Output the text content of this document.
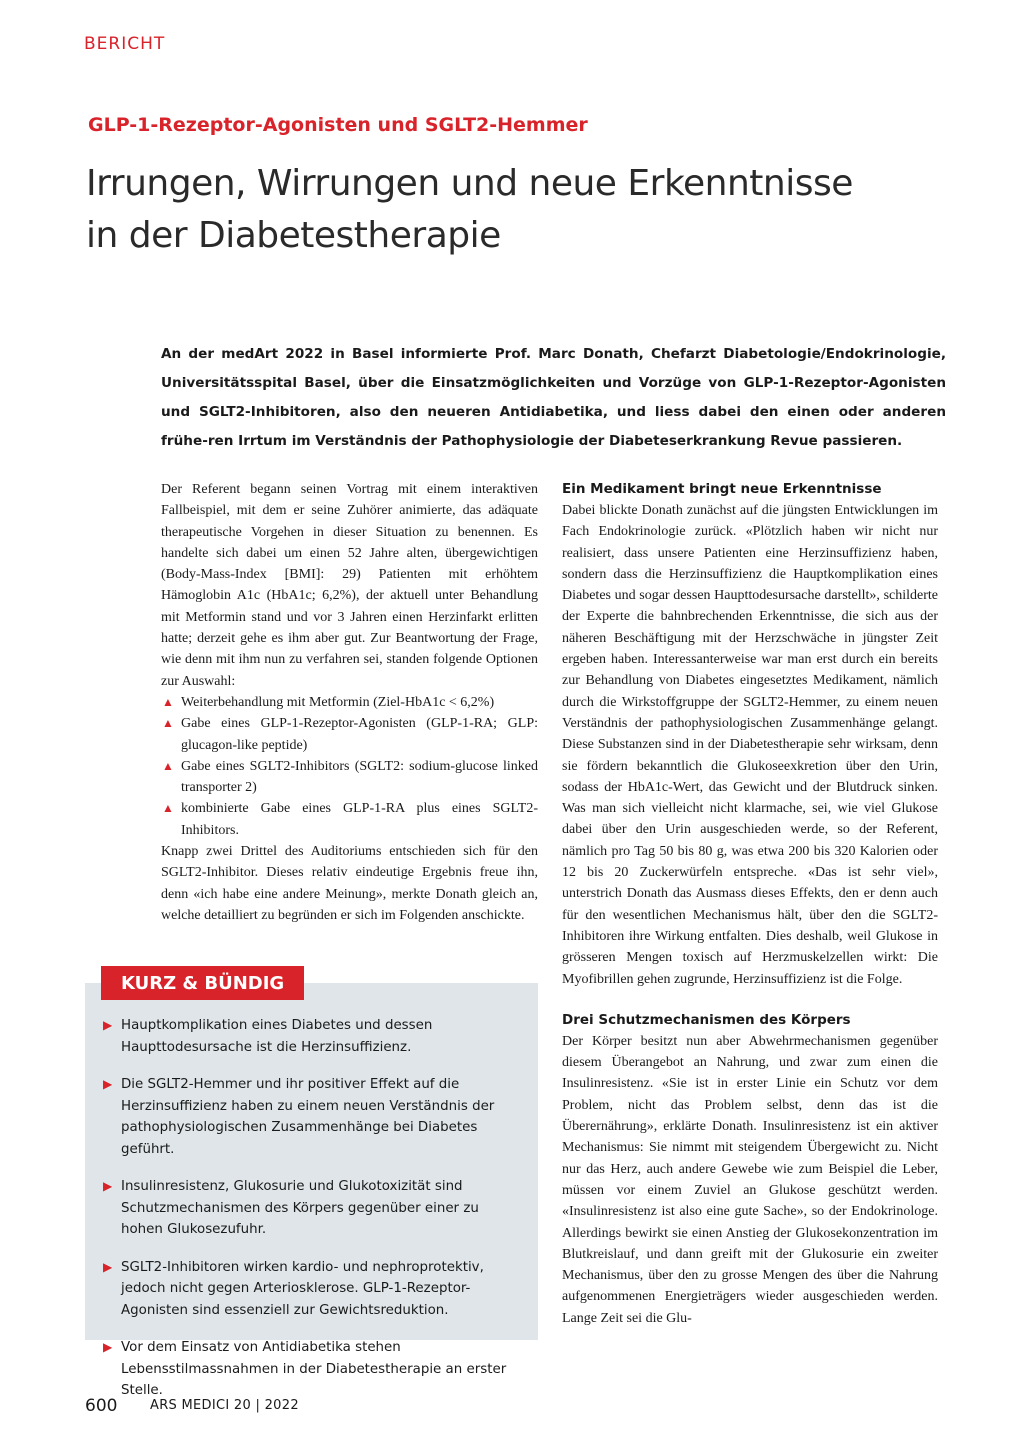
BERICHT
GLP-1-Rezeptor-Agonisten und SGLT2-Hemmer
Irrungen, Wirrungen und neue Erkenntnisse
in der Diabetestherapie
An der medArt 2022 in Basel informierte Prof. Marc Donath, Chefarzt Diabetologie/Endokrinologie, Universitätsspital Basel, über die Einsatzmöglichkeiten und Vorzüge von GLP-1-Rezeptor-Agonisten und SGLT2-Inhibitoren, also den neueren Antidiabetika, und liess dabei den einen oder anderen frühe-ren Irrtum im Verständnis der Pathophysiologie der Diabeteserkrankung Revue passieren.

Der Referent begann seinen Vortrag mit einem interaktiven Fallbeispiel, mit dem er seine Zuhörer animierte, das adäquate therapeutische Vorgehen in dieser Situation zu benennen. Es handelte sich dabei um einen 52 Jahre alten, übergewichtigen (Body-Mass-Index [BMI]: 29) Patienten mit erhöhtem Hämoglobin A1c (HbA1c; 6,2%), der aktuell unter Behandlung mit Metformin stand und vor 3 Jahren einen Herzinfarkt erlitten hatte; derzeit gehe es ihm aber gut. Zur Beantwortung der Frage, wie denn mit ihm nun zu verfahren sei, standen folgende Optionen zur Auswahl:

▲ Weiterbehandlung mit Metformin (Ziel-HbA1c < 6,2%)
▲ Gabe eines GLP-1-Rezeptor-Agonisten (GLP-1-RA; GLP: glucagon-like peptide)
▲ Gabe eines SGLT2-Inhibitors (SGLT2: sodium-glucose linked transporter 2)
▲ kombinierte Gabe eines GLP-1-RA plus eines SGLT2-Inhibitors.

Knapp zwei Drittel des Auditoriums entschieden sich für den SGLT2-Inhibitor. Dieses relativ eindeutige Ergebnis freue ihn, denn «ich habe eine andere Meinung», merkte Donath gleich an, welche detailliert zu begründen er sich im Folgenden anschickte.

Ein Medikament bringt neue Erkenntnisse

Dabei blickte Donath zunächst auf die jüngsten Entwicklungen im Fach Endokrinologie zurück. «Plötzlich haben wir nicht nur realisiert, dass unsere Patienten eine Herzinsuffizienz haben, sondern dass die Herzinsuffizienz die Hauptkomplikation eines Diabetes und sogar dessen Haupttodesursache darstellt», schilderte der Experte die bahnbrechenden Erkenntnisse, die sich aus der näheren Beschäftigung mit der Herzschwäche in jüngster Zeit ergeben haben. Interessanterweise war man erst durch ein bereits zur Behandlung von Diabetes eingesetztes Medikament, nämlich durch die Wirkstoffgruppe der SGLT2-Hemmer, zu einem neuen Verständnis der pathophysiologischen Zusammenhänge gelangt. Diese Substanzen sind in der Diabetestherapie sehr wirksam, denn sie fördern bekanntlich die Glukoseexkretion über den Urin, sodass der HbA1c-Wert, das Gewicht und der Blutdruck sinken. Was man sich vielleicht nicht klarmache, sei, wie viel Glukose dabei über den Urin ausgeschieden werde, so der Referent, nämlich pro Tag 50 bis 80 g, was etwa 200 bis 320 Kalorien oder 12 bis 20 Zuckerwürfeln entspreche. «Das ist sehr viel», unterstrich Donath das Ausmass dieses Effekts, den er denn auch für den wesentlichen Mechanismus hält, über den die SGLT2-Inhibitoren ihre Wirkung entfalten. Dies deshalb, weil Glukose in grösseren Mengen toxisch auf Herzmuskelzellen wirkt: Die Myofibrillen gehen zugrunde, Herzinsuffizienz ist die Folge.

Drei Schutzmechanismen des Körpers

Der Körper besitzt nun aber Abwehrmechanismen gegenüber diesem Überangebot an Nahrung, und zwar zum einen die Insulinresistenz. «Sie ist in erster Linie ein Schutz vor dem Problem, nicht das Problem selbst, denn das ist die Überernährung», erklärte Donath. Insulinresistenz ist ein aktiver Mechanismus: Sie nimmt mit steigendem Übergewicht zu. Nicht nur das Herz, auch andere Gewebe wie zum Beispiel die Leber, müssen vor einem Zuviel an Glukose geschützt werden. «Insulinresistenz ist also eine gute Sache», so der Endokrinologe. Allerdings bewirkt sie einen Anstieg der Glukosekonzentration im Blutkreislauf, und dann greift mit der Glukosurie ein zweiter Mechanismus, über den zu grosse Mengen des über die Nahrung aufgenommenen Energieträgers wieder ausgeschieden werden. Lange Zeit sei die Glu-

KURZ & BÜNDIG
▶ Hauptkomplikation eines Diabetes und dessen Haupttodesursache ist die Herzinsuffizienz.
▶ Die SGLT2-Hemmer und ihr positiver Effekt auf die Herzinsuffizienz haben zu einem neuen Verständnis der pathophysiologischen Zusammenhänge bei Diabetes geführt.
▶ Insulinresistenz, Glukosurie und Glukotoxizität sind Schutzmechanismen des Körpers gegenüber einer zu hohen Glukosezufuhr.
▶ SGLT2-Inhibitoren wirken kardio- und nephroprotektiv, jedoch nicht gegen Arteriosklerose. GLP-1-Rezeptor-Agonisten sind essenziell zur Gewichtsreduktion.
▶ Vor dem Einsatz von Antidiabetika stehen Lebensstilmassnahmen in der Diabetestherapie an erster Stelle.
600	ARS MEDICI 20 | 2022
